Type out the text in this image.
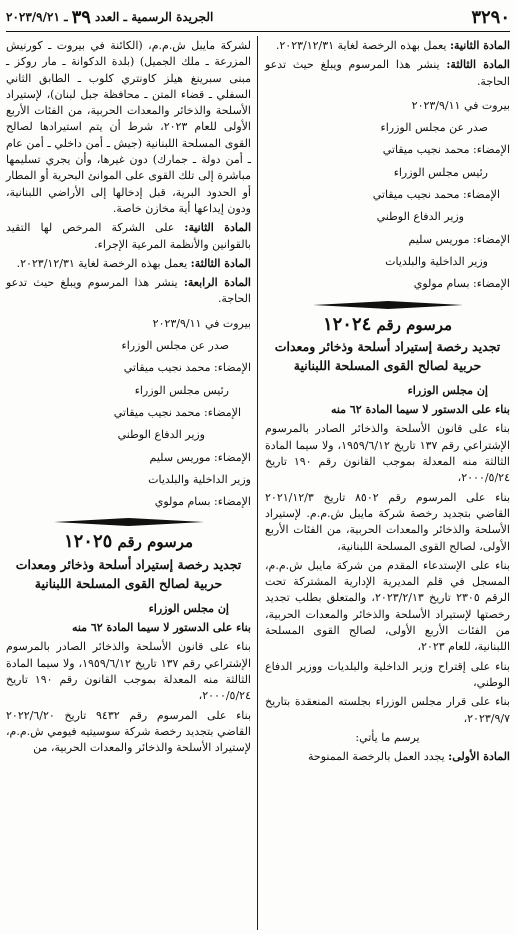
٣٢٩٠
الجريدة الرسمية ـ العدد
٣٩
ـ ٢٠٢٣/٩/٢١

المادة الثانية: يعمل بهذه الرخصة لغاية ٢٠٢٣/١٢/٣١.

المادة الثالثة: ينشر هذا المرسوم ويبلغ حيث تدعو الحاجة.

بيروت في ٢٠٢٣/٩/١١

صدر عن مجلس الوزراء

الإمضاء: محمد نجيب ميقاتي

رئيس مجلس الوزراء

الإمضاء: محمد نجيب ميقاتي

وزير الدفاع الوطني

الإمضاء: موريس سليم

وزير الداخلية والبلديات

الإمضاء: بسام مولوي

مرسوم رقم ١٢٠٢٤
تجديد رخصة إستيراد أسلحة وذخائر ومعدات حربية لصالح القوى المسلحة اللبنانية

إن مجلس الوزراء

بناء على الدستور لا سيما المادة ٦٢ منه

بناء على قانون الأسلحة والذخائر الصادر بالمرسوم الإشتراعي رقم ١٣٧ تاريخ ١٩٥٩/٦/١٢، ولا سيما المادة الثالثة منه المعدلة بموجب القانون رقم ١٩٠ تاريخ ٢٠٠٠/٥/٢٤،

بناء على المرسوم رقم ٨٥٠٢ تاريخ ٢٠٢١/١٢/٣ القاضي بتجديد رخصة شركة مايبل ش.م.م. لإستيراد الأسلحة والذخائر والمعدات الحربية، من الفئات الأربع الأولى، لصالح القوى المسلحة اللبنانية،

بناء على الإستدعاء المقدم من شركة مايبل ش.م.م، المسجل في قلم المديرية الإدارية المشتركة تحت الرقم ٢٣٠٥ تاريخ ٢٠٢٣/٢/١٣، والمتعلق بطلب تجديد رخصتها لإستيراد الأسلحة والذخائر والمعدات الحربية، من الفئات الأربع الأولى، لصالح القوى المسلحة اللبنانية، للعام ٢٠٢٣،

بناء على إقتراح وزير الداخلية والبلديات ووزير الدفاع الوطني،

بناء على قرار مجلس الوزراء بجلسته المنعقدة بتاريخ ٢٠٢٣/٩/٧،

يرسم ما يأتي:

المادة الأولى: يجدد العمل بالرخصة الممنوحة

لشركة مايبل ش.م.م، (الكائنة في بيروت ـ كورنيش المزرعة ـ ملك الجميل) (بلدة الدكوانة ـ مار روكز ـ مبنى سبرينغ هيلز كاونتري كلوب ـ الطابق الثاني السفلي ـ قضاء المتن ـ محافظة جبل لبنان)، لإستيراد الأسلحة والذخائر والمعدات الحربية، من الفئات الأربع الأولى للعام ٢٠٢٣، شرط أن يتم استيرادها لصالح القوى المسلحة اللبنانية (جيش ـ أمن داخلي ـ أمن عام ـ أمن دولة ـ جمارك) دون غيرها، وأن يجري تسليمها مباشرة إلى تلك القوى على الموانئ البحرية أو المطار أو الحدود البرية، قبل إدخالها إلى الأراضي اللبنانية، ودون إيداعها أية مخازن خاصة.

المادة الثانية: على الشركة المرخص لها التقيد بالقوانين والأنظمة المرعية الإجراء.

المادة الثالثة: يعمل بهذه الرخصة لغاية ٢٠٢٣/١٢/٣١.

المادة الرابعة: ينشر هذا المرسوم ويبلغ حيث تدعو الحاجة.

بيروت في ٢٠٢٣/٩/١١

صدر عن مجلس الوزراء

الإمضاء: محمد نجيب ميقاتي

رئيس مجلس الوزراء

الإمضاء: محمد نجيب ميقاتي

وزير الدفاع الوطني

الإمضاء: موريس سليم

وزير الداخلية والبلديات

الإمضاء: بسام مولوي

مرسوم رقم ١٢٠٢٥
تجديد رخصة إستيراد أسلحة وذخائر ومعدات حربية لصالح القوى المسلحة اللبنانية

إن مجلس الوزراء

بناء على الدستور لا سيما المادة ٦٢ منه

بناء على قانون الأسلحة والذخائر الصادر بالمرسوم الإشتراعي رقم ١٣٧ تاريخ ١٩٥٩/٦/١٢، ولا سيما المادة الثالثة منه المعدلة بموجب القانون رقم ١٩٠ تاريخ ٢٠٠٠/٥/٢٤،

بناء على المرسوم رقم ٩٤٣٢ تاريخ ٢٠٢٢/٦/٢٠ القاضي بتجديد رخصة شركة سوسيتيه فيومي ش.م.م، لإستيراد الأسلحة والذخائر والمعدات الحربية، من
